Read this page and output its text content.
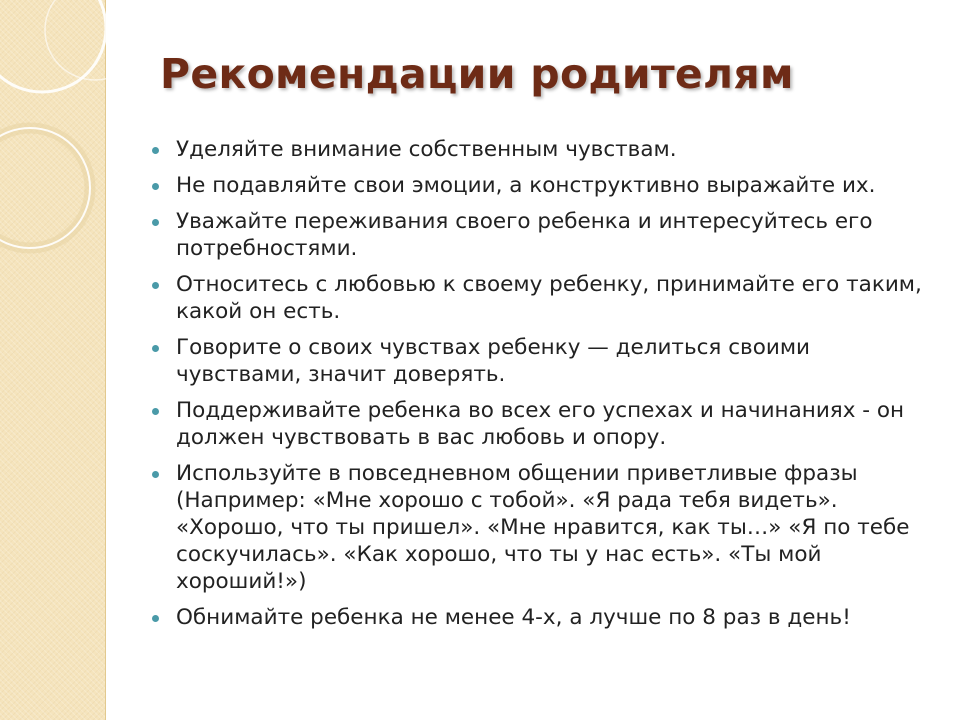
Рекомендации родителям
Уделяйте внимание собственным чувствам.
Не подавляйте свои эмоции, а конструктивно выражайте их.
Уважайте переживания своего ребенка и интересуйтесь его потребностями.
Относитесь с любовью к своему ребенку, принимайте его таким, какой он есть.
Говорите о своих чувствах ребенку — делиться своими чувствами, значит доверять.
Поддерживайте ребенка во всех его успехах и начинаниях - он должен чувствовать в вас любовь и опору.
Используйте в повседневном общении приветливые фразы (Например: «Мне хорошо с тобой». «Я рада тебя видеть». «Хорошо, что ты пришел». «Мне нравится, как ты…» «Я по тебе соскучилась». «Как хорошо, что ты у нас есть». «Ты мой хороший!»)
Обнимайте ребенка не менее 4-х, а лучше по 8 раз в день!
